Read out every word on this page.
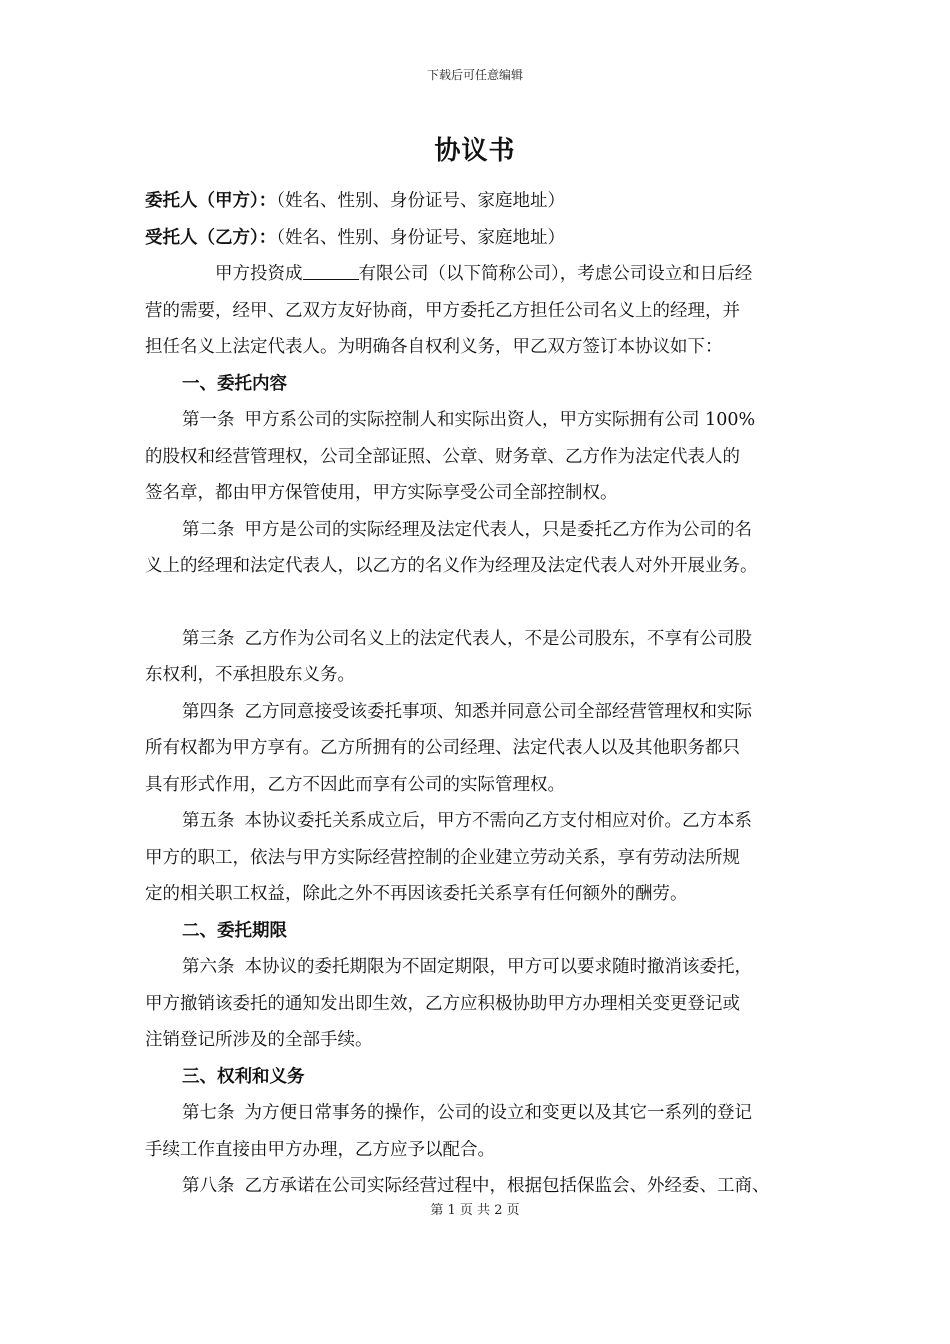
下载后可任意编辑
协议书
委托人（甲方）：（姓名、性别、身份证号、家庭地址）
受托人（乙方）：（姓名、性别、身份证号、家庭地址）
甲方投资成	有限公司（以下简称公司），考虑公司设立和日后经
营的需要，经甲、乙双方友好协商，甲方委托乙方担任公司名义上的经理，并
担任名义上法定代表人。为明确各自权利义务，甲乙双方签订本协议如下：
一、委托内容
第一条 甲方系公司的实际控制人和实际出资人，甲方实际拥有公司 100%
的股权和经营管理权，公司全部证照、公章、财务章、乙方作为法定代表人的
签名章，都由甲方保管使用，甲方实际享受公司全部控制权。
第二条 甲方是公司的实际经理及法定代表人，只是委托乙方作为公司的名
义上的经理和法定代表人，以乙方的名义作为经理及法定代表人对外开展业务。
第三条 乙方作为公司名义上的法定代表人，不是公司股东，不享有公司股
东权利，不承担股东义务。
第四条 乙方同意接受该委托事项、知悉并同意公司全部经营管理权和实际
所有权都为甲方享有。乙方所拥有的公司经理、法定代表人以及其他职务都只
具有形式作用，乙方不因此而享有公司的实际管理权。
第五条 本协议委托关系成立后，甲方不需向乙方支付相应对价。乙方本系
甲方的职工，依法与甲方实际经营控制的企业建立劳动关系，享有劳动法所规
定的相关职工权益，除此之外不再因该委托关系享有任何额外的酬劳。
二、委托期限
第六条 本协议的委托期限为不固定期限，甲方可以要求随时撤消该委托，
甲方撤销该委托的通知发出即生效，乙方应积极协助甲方办理相关变更登记或
注销登记所涉及的全部手续。
三、权利和义务
第七条 为方便日常事务的操作，公司的设立和变更以及其它一系列的登记
手续工作直接由甲方办理，乙方应予以配合。
第八条 乙方承诺在公司实际经营过程中，根据包括保监会、外经委、工商、
第 1 页 共 2 页
